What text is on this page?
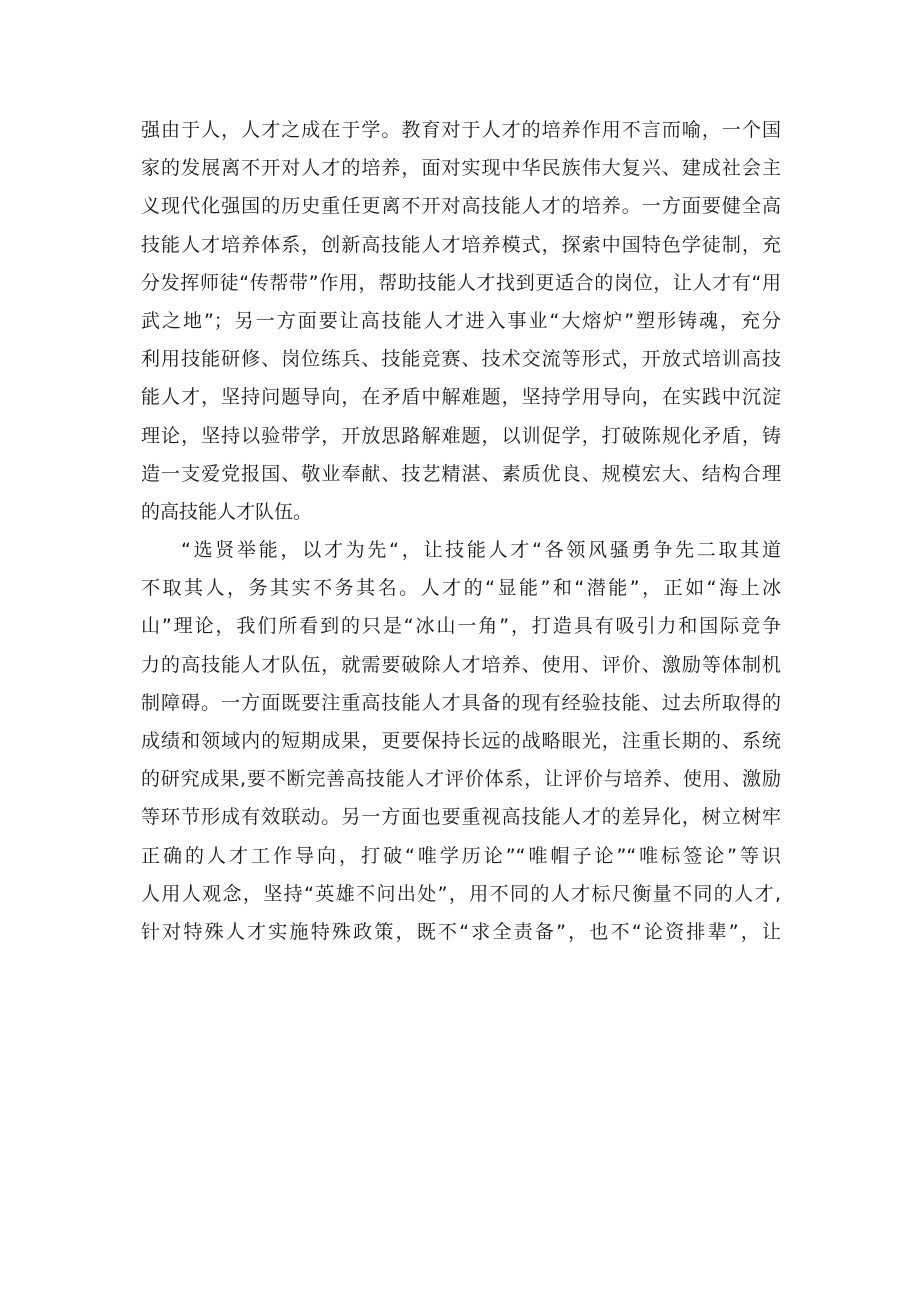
强由于人，人才之成在于学。教育对于人才的培养作用不言而喻，一个国
家的发展离不开对人才的培养，面对实现中华民族伟大复兴、建成社会主
义现代化强国的历史重任更离不开对高技能人才的培养。一方面要健全高
技能人才培养体系，创新高技能人才培养模式，探索中国特色学徒制，充
分发挥师徒“传帮带”作用，帮助技能人才找到更适合的岗位，让人才有“用
武之地”；另一方面要让高技能人才进入事业“大熔炉”塑形铸魂，充分
利用技能研修、岗位练兵、技能竞赛、技术交流等形式，开放式培训高技
能人才，坚持问题导向，在矛盾中解难题，坚持学用导向，在实践中沉淀
理论，坚持以验带学，开放思路解难题，以训促学，打破陈规化矛盾，铸
造一支爱党报国、敬业奉献、技艺精湛、素质优良、规模宏大、结构合理
的高技能人才队伍。
“选贤举能，以才为先“，让技能人才“各领风骚勇争先二取其道
不取其人，务其实不务其名。人才的“显能”和“潜能”，正如“海上冰
山”理论，我们所看到的只是“冰山一角”，打造具有吸引力和国际竞争
力的高技能人才队伍，就需要破除人才培养、使用、评价、激励等体制机
制障碍。一方面既要注重高技能人才具备的现有经验技能、过去所取得的
成绩和领域内的短期成果，更要保持长远的战略眼光，注重长期的、系统
的研究成果,要不断完善高技能人才评价体系，让评价与培养、使用、激励
等环节形成有效联动。另一方面也要重视高技能人才的差异化，树立树牢
正确的人才工作导向，打破“唯学历论”“唯帽子论”“唯标签论”等识
人用人观念，坚持“英雄不问出处”，用不同的人才标尺衡量不同的人才,
针对特殊人才实施特殊政策，既不“求全责备”，也不“论资排辈”，让
